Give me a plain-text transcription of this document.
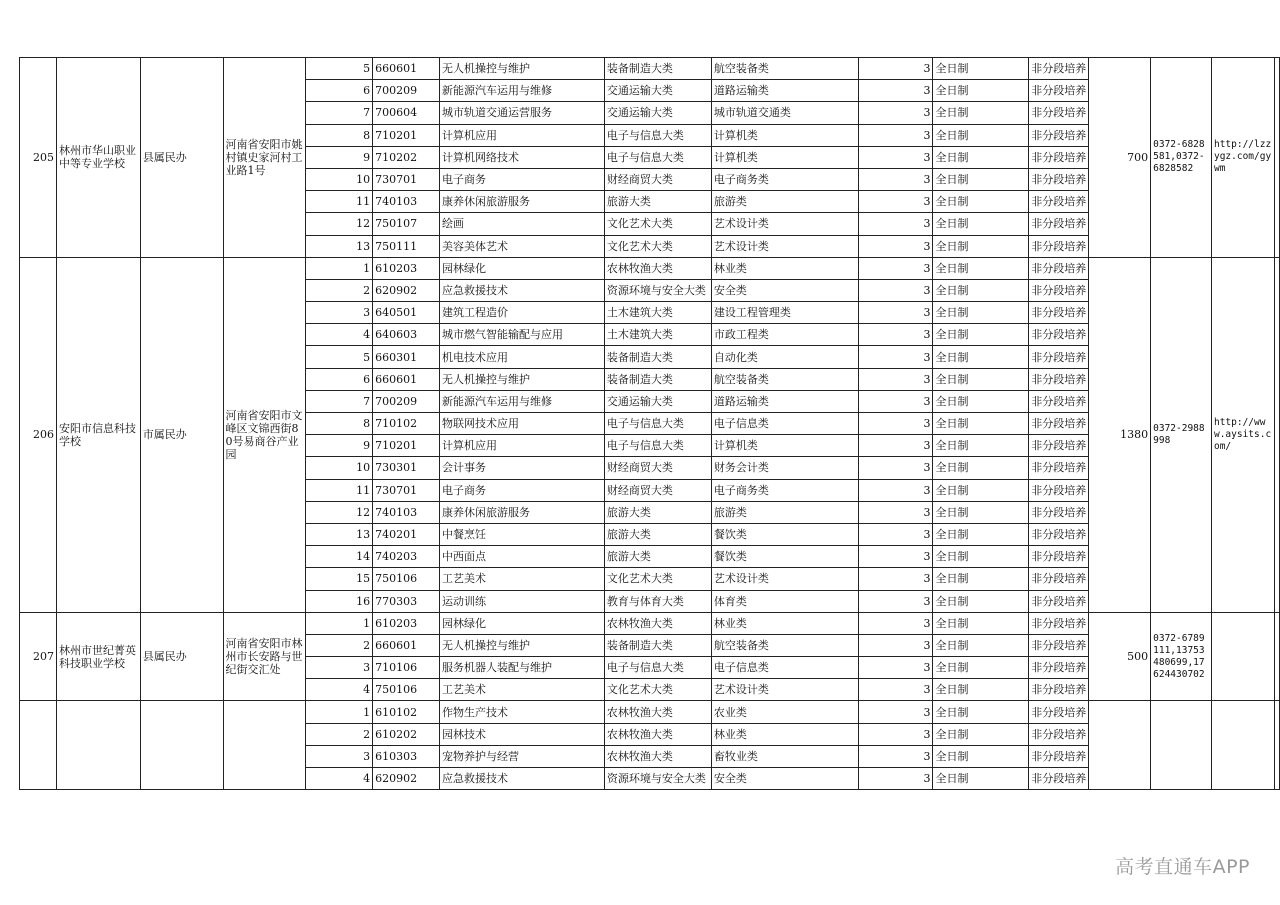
205	林州市华山职业中等专业学校	县属民办	河南省安阳市姚村镇史家河村工业路1号	5	660601	无人机操控与维护	装备制造大类	航空装备类	3	全日制	非分段培养	700	0372-6828581,0372-6828582	http://lzzygz.com/gywm	
				6	700209	新能源汽车运用与维修	交通运输大类	道路运输类	3	全日制	非分段培养				
				7	700604	城市轨道交通运营服务	交通运输大类	城市轨道交通类	3	全日制	非分段培养				
				8	710201	计算机应用	电子与信息大类	计算机类	3	全日制	非分段培养				
				9	710202	计算机网络技术	电子与信息大类	计算机类	3	全日制	非分段培养				
				10	730701	电子商务	财经商贸大类	电子商务类	3	全日制	非分段培养				
				11	740103	康养休闲旅游服务	旅游大类	旅游类	3	全日制	非分段培养				
				12	750107	绘画	文化艺术大类	艺术设计类	3	全日制	非分段培养				
				13	750111	美容美体艺术	文化艺术大类	艺术设计类	3	全日制	非分段培养				
206	安阳市信息科技学校	市属民办	河南省安阳市文峰区文锦西街80号易商谷产业园	1	610203	园林绿化	农林牧渔大类	林业类	3	全日制	非分段培养	1380	0372-2988998	http://www.aysits.com/	
				2	620902	应急救援技术	资源环境与安全大类	安全类	3	全日制	非分段培养				
				3	640501	建筑工程造价	土木建筑大类	建设工程管理类	3	全日制	非分段培养				
				4	640603	城市燃气智能输配与应用	土木建筑大类	市政工程类	3	全日制	非分段培养				
				5	660301	机电技术应用	装备制造大类	自动化类	3	全日制	非分段培养				
				6	660601	无人机操控与维护	装备制造大类	航空装备类	3	全日制	非分段培养				
				7	700209	新能源汽车运用与维修	交通运输大类	道路运输类	3	全日制	非分段培养				
				8	710102	物联网技术应用	电子与信息大类	电子信息类	3	全日制	非分段培养				
				9	710201	计算机应用	电子与信息大类	计算机类	3	全日制	非分段培养				
				10	730301	会计事务	财经商贸大类	财务会计类	3	全日制	非分段培养				
				11	730701	电子商务	财经商贸大类	电子商务类	3	全日制	非分段培养				
				12	740103	康养休闲旅游服务	旅游大类	旅游类	3	全日制	非分段培养				
				13	740201	中餐烹饪	旅游大类	餐饮类	3	全日制	非分段培养				
				14	740203	中西面点	旅游大类	餐饮类	3	全日制	非分段培养				
				15	750106	工艺美术	文化艺术大类	艺术设计类	3	全日制	非分段培养				
				16	770303	运动训练	教育与体育大类	体育类	3	全日制	非分段培养				
207	林州市世纪菁英科技职业学校	县属民办	河南省安阳市林州市长安路与世纪街交汇处	1	610203	园林绿化	农林牧渔大类	林业类	3	全日制	非分段培养	500	0372-6789111,13753480699,17624430702		
				2	660601	无人机操控与维护	装备制造大类	航空装备类	3	全日制	非分段培养				
				3	710106	服务机器人装配与维护	电子与信息大类	电子信息类	3	全日制	非分段培养				
				4	750106	工艺美术	文化艺术大类	艺术设计类	3	全日制	非分段培养				
				1	610102	作物生产技术	农林牧渔大类	农业类	3	全日制	非分段培养				
				2	610202	园林技术	农林牧渔大类	林业类	3	全日制	非分段培养				
				3	610303	宠物养护与经营	农林牧渔大类	畜牧业类	3	全日制	非分段培养				
				4	620902	应急救援技术	资源环境与安全大类	安全类	3	全日制	非分段培养				
高考直通车APP
